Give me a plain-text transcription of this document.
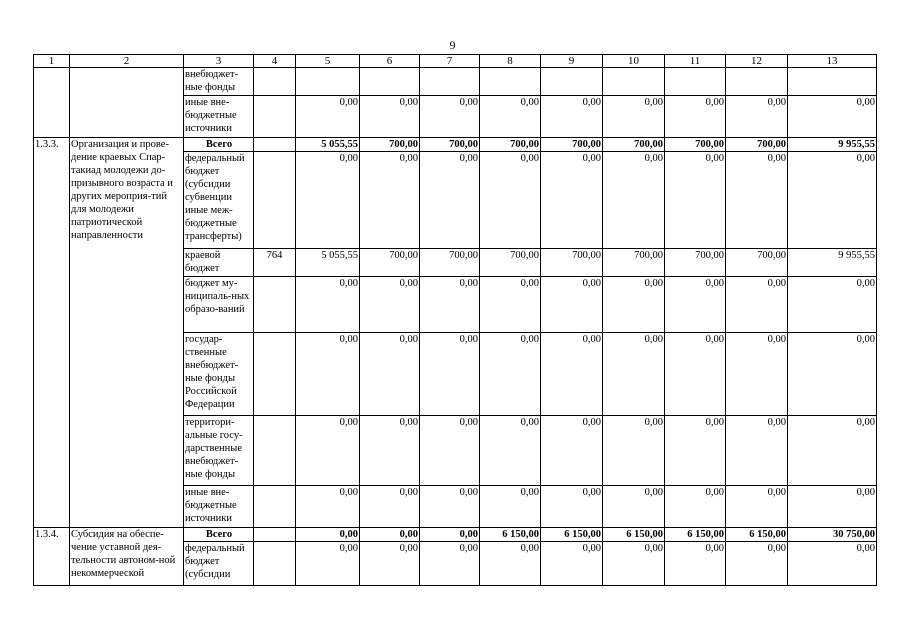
9
1	2	3	4	5	6	7	8	9	10	11	12	13
		внебюджет-ные фонды										
		иные вне-бюджетные источники		0,00	0,00	0,00	0,00	0,00	0,00	0,00	0,00	0,00
1.3.3.	Организация и прове-дение краевых Спар-такиад молодежи до-призывного возраста и других мероприя-тий для молодежи патриотической направленности	Всего		5 055,55	700,00	700,00	700,00	700,00	700,00	700,00	700,00	9 955,55
		федеральный бюджет (субсидии субвенции иные меж-бюджетные трансферты)		0,00	0,00	0,00	0,00	0,00	0,00	0,00	0,00	0,00
		краевой бюджет	764	5 055,55	700,00	700,00	700,00	700,00	700,00	700,00	700,00	9 955,55
		бюджет му-ниципаль-ных образо-ваний		0,00	0,00	0,00	0,00	0,00	0,00	0,00	0,00	0,00
		государ-ственные внебюджет-ные фонды Российской Федерации		0,00	0,00	0,00	0,00	0,00	0,00	0,00	0,00	0,00
		территори-альные госу-дарственные внебюджет-ные фонды		0,00	0,00	0,00	0,00	0,00	0,00	0,00	0,00	0,00
		иные вне-бюджетные источники		0,00	0,00	0,00	0,00	0,00	0,00	0,00	0,00	0,00
1.3.4.	Субсидия на обеспе-чение уставной дея-тельности автоном-ной некоммерческой	Всего		0,00	0,00	0,00	6 150,00	6 150,00	6 150,00	6 150,00	6 150,00	30 750,00
		федеральный бюджет (субсидии		0,00	0,00	0,00	0,00	0,00	0,00	0,00	0,00	0,00
